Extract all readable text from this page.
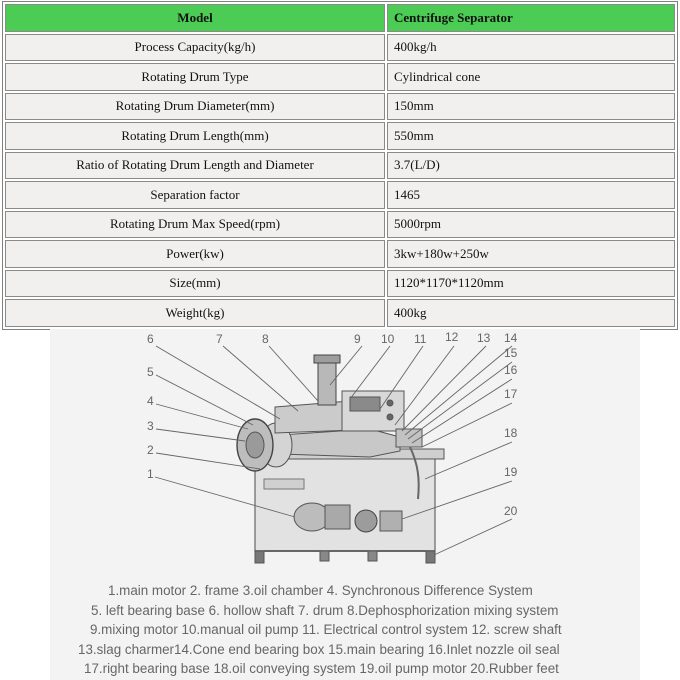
Model	Centrifuge Separator
Process Capacity(kg/h)	400kg/h
Rotating Drum Type	Cylindrical cone
Rotating Drum Diameter(mm)	150mm
Rotating Drum Length(mm)	550mm
Ratio of Rotating Drum Length and Diameter	3.7(L/D)
Separation factor	1465
Rotating Drum Max Speed(rpm)	5000rpm
Power(kw)	3kw+180w+250w
Size(mm)	1120*1170*1120mm
Weight(kg)	400kg
1
2
3
4
5
6	7	8	9 10 11 12 13 14
15
16
17
18
19
20
1.main motor 2. frame 3.oil chamber 4. Synchronous Difference System
5. left bearing base 6. hollow shaft 7. drum 8.Dephosphorization mixing system
9.mixing motor 10.manual oil pump 11. Electrical control system 12. screw shaft
13.slag charmer14.Cone end bearing box 15.main bearing 16.Inlet nozzle oil seal
17.right bearing base 18.oil conveying system 19.oil pump motor 20.Rubber feet
